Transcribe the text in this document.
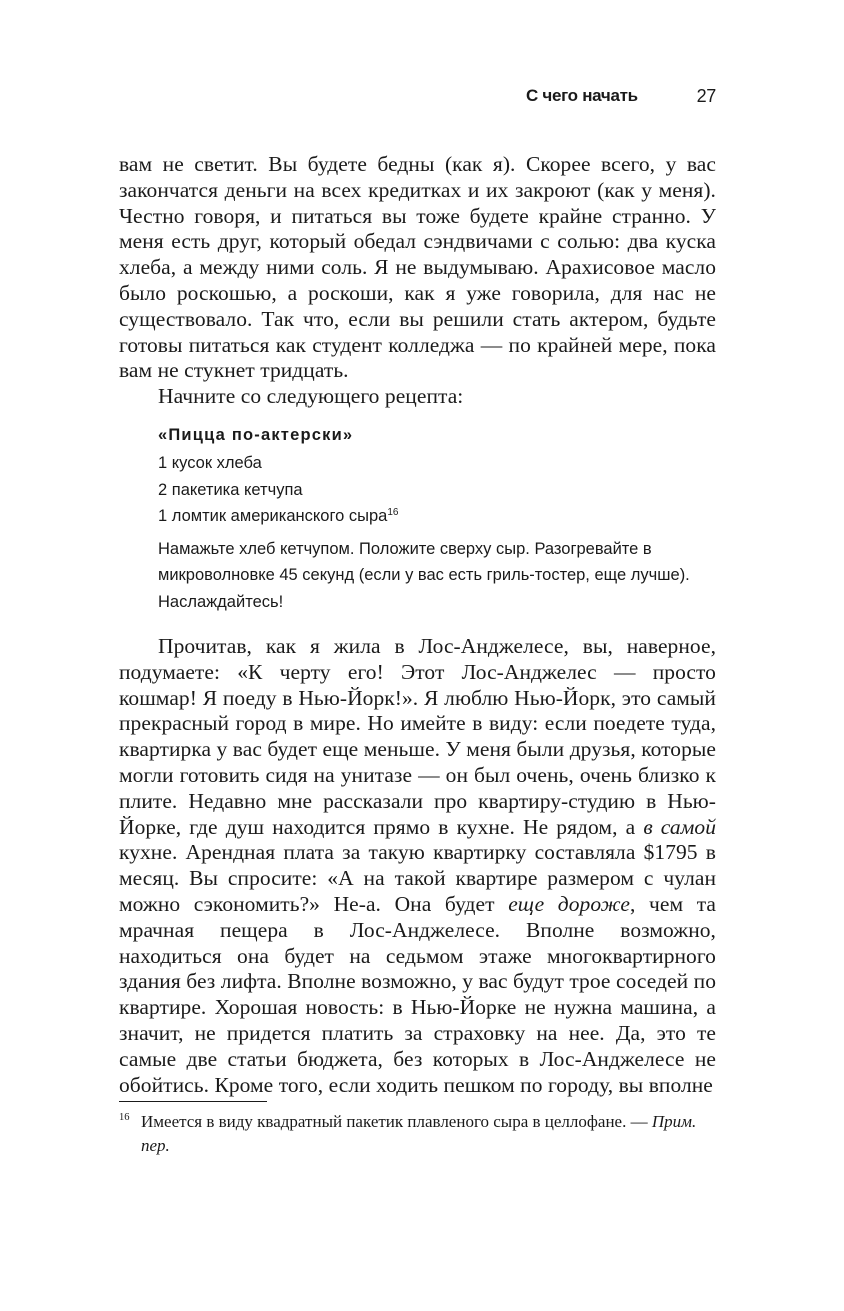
С чего начать	27

вам не светит. Вы будете бедны (как я). Скорее всего, у вас закончатся деньги на всех кредитках и их закроют (как у меня). Честно говоря, и питаться вы тоже будете крайне странно. У меня есть друг, который обедал сэндвичами с солью: два куска хлеба, а между ними соль. Я не выдумываю. Арахисовое масло было роскошью, а роскоши, как я уже говорила, для нас не существовало. Так что, если вы решили стать актером, будьте готовы питаться как студент колледжа — по крайней мере, пока вам не стукнет тридцать.

Начните со следующего рецепта:

«Пицца по-актерски»
1 кусок хлеба
2 пакетика кетчупа
1 ломтик американского сыра$^{16}$
Намажьте хлеб кетчупом. Положите сверху сыр. Разогревайте в микроволновке 45 секунд (если у вас есть гриль-тостер, еще лучше). Наслаждайтесь!

Прочитав, как я жила в Лос-Анджелесе, вы, наверное, подумаете: «К черту его! Этот Лос-Анджелес — просто кошмар! Я поеду в Нью-Йорк!». Я люблю Нью-Йорк, это самый прекрасный город в мире. Но имейте в виду: если поедете туда, квартирка у вас будет еще меньше. У меня были друзья, которые могли готовить сидя на унитазе — он был очень, очень близко к плите. Недавно мне рассказали про квартиру-студию в Нью-Йорке, где душ находится прямо в кухне. Не рядом, а в самой кухне. Арендная плата за такую квартирку составляла $1795 в месяц. Вы спросите: «А на такой квартире размером с чулан можно сэкономить?» Не-а. Она будет еще дороже, чем та мрачная пещера в Лос-Анджелесе. Вполне возможно, находиться она будет на седьмом этаже многоквартирного здания без лифта. Вполне возможно, у вас будут трое соседей по квартире. Хорошая новость: в Нью-Йорке не нужна машина, а значит, не придется платить за страховку на нее. Да, это те самые две статьи бюджета, без которых в Лос-Анджелесе не обойтись. Кроме того, если ходить пешком по городу, вы вполне

16 Имеется в виду квадратный пакетик плавленого сыра в целлофане. — Прим. пер.
